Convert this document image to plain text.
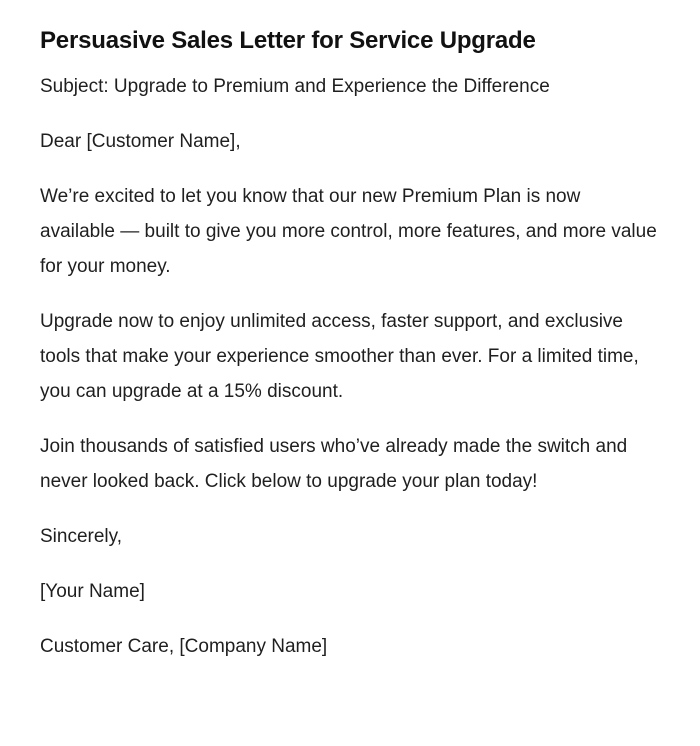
Persuasive Sales Letter for Service Upgrade

Subject: Upgrade to Premium and Experience the Difference

Dear [Customer Name],

We’re excited to let you know that our new Premium Plan is now available — built to give you more control, more features, and more value for your money.

Upgrade now to enjoy unlimited access, faster support, and exclusive tools that make your experience smoother than ever. For a limited time, you can upgrade at a 15% discount.

Join thousands of satisfied users who’ve already made the switch and never looked back. Click below to upgrade your plan today!

Sincerely,

[Your Name]

Customer Care, [Company Name]
